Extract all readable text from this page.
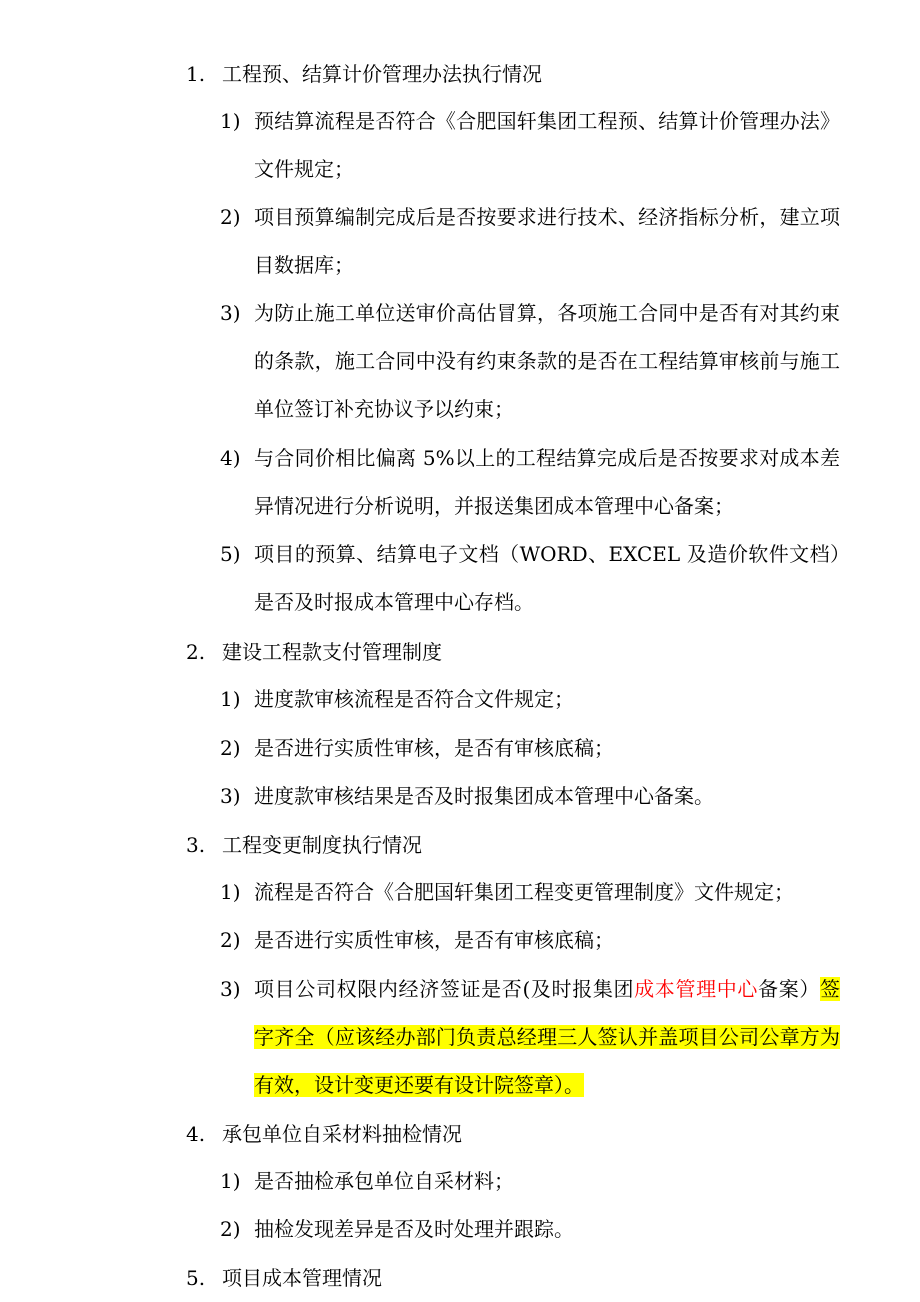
1. 工程预、结算计价管理办法执行情况
1) 预结算流程是否符合《合肥国轩集团工程预、结算计价管理办法》文件规定；
2) 项目预算编制完成后是否按要求进行技术、经济指标分析，建立项目数据库；
3) 为防止施工单位送审价高估冒算，各项施工合同中是否有对其约束的条款，施工合同中没有约束条款的是否在工程结算审核前与施工单位签订补充协议予以约束；
4) 与合同价相比偏离 5%以上的工程结算完成后是否按要求对成本差异情况进行分析说明，并报送集团成本管理中心备案；
5) 项目的预算、结算电子文档（WORD、EXCEL 及造价软件文档）是否及时报成本管理中心存档。
2. 建设工程款支付管理制度
1) 进度款审核流程是否符合文件规定；
2) 是否进行实质性审核，是否有审核底稿；
3) 进度款审核结果是否及时报集团成本管理中心备案。
3. 工程变更制度执行情况
1) 流程是否符合《合肥国轩集团工程变更管理制度》文件规定；
2) 是否进行实质性审核，是否有审核底稿；
3) 项目公司权限内经济签证是否(及时报集团成本管理中心备案）签字齐全（应该经办部门负责总经理三人签认并盖项目公司公章方为有效，设计变更还要有设计院签章）。
4. 承包单位自采材料抽检情况
1) 是否抽检承包单位自采材料；
2) 抽检发现差异是否及时处理并跟踪。
5. 项目成本管理情况
